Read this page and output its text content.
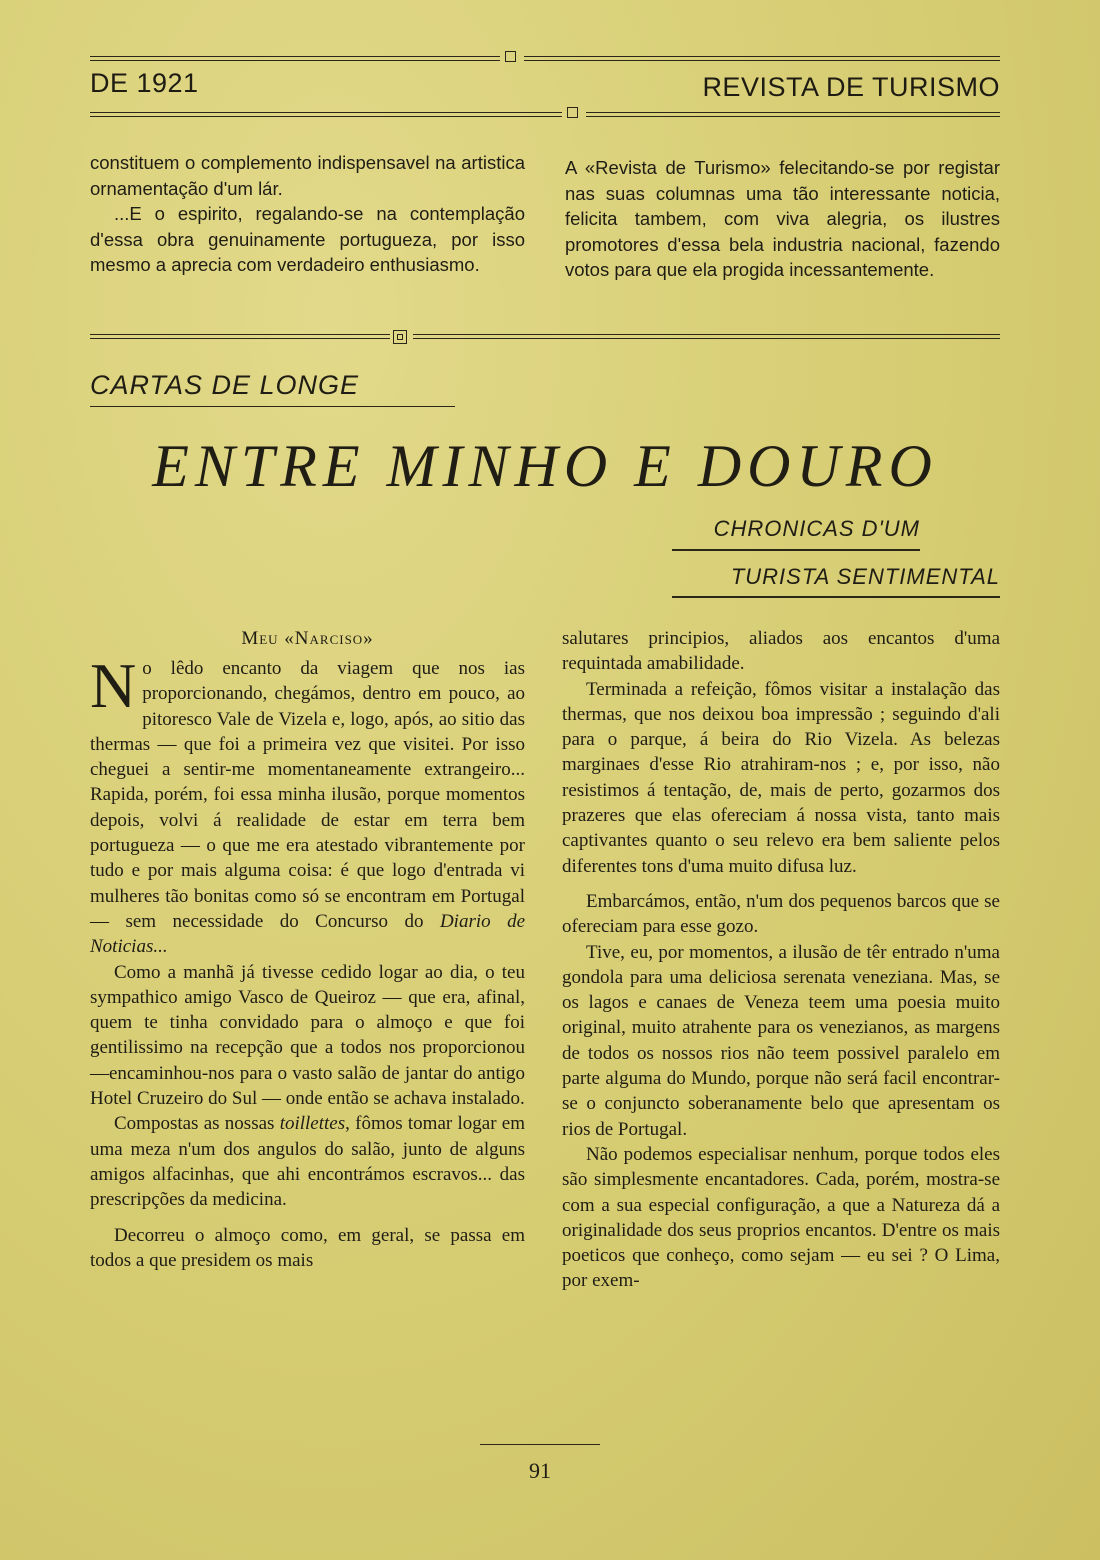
DE 1921	REVISTA DE TURISMO

constituem o complemento indispensavel na artistica ornamentação d'um lár.

...E o espirito, regalando-se na contemplação d'essa obra genuinamente portugueza, por isso mesmo a aprecia com verdadeiro enthusiasmo.

A «Revista de Turismo» felecitando-se por registar nas suas columnas uma tão interessante noticia, felicita tambem, com viva alegria, os ilustres promotores d'essa bela industria nacional, fazendo votos para que ela progida incessantemente.

CARTAS DE LONGE
ENTRE MINHO E DOURO
CHRONICAS D'UM
TURISTA SENTIMENTAL
Meu «Narciso»

No lêdo encanto da viagem que nos ias proporcionando, chegámos, dentro em pouco, ao pitoresco Vale de Vizela e, logo, após, ao sitio das thermas — que foi a primeira vez que visitei. Por isso cheguei a sentir-me momentaneamente extrangeiro... Rapida, porém, foi essa minha ilusão, porque momentos depois, volvi á realidade de estar em terra bem portugueza — o que me era atestado vibrantemente por tudo e por mais alguma coisa: é que logo d'entrada vi mulheres tão bonitas como só se encontram em Portugal — sem necessidade do Concurso do Diario de Noticias...

Como a manhã já tivesse cedido logar ao dia, o teu sympathico amigo Vasco de Queiroz — que era, afinal, quem te tinha convidado para o almoço e que foi gentilissimo na recepção que a todos nos proporcionou—encaminhou-nos para o vasto salão de jantar do antigo Hotel Cruzeiro do Sul — onde então se achava instalado.

Compostas as nossas toillettes, fômos tomar logar em uma meza n'um dos angulos do salão, junto de alguns amigos alfacinhas, que ahi encontrámos escravos... das prescripções da medicina.

Decorreu o almoço como, em geral, se passa em todos a que presidem os mais

salutares principios, aliados aos encantos d'uma requintada amabilidade.

Terminada a refeição, fômos visitar a instalação das thermas, que nos deixou boa impressão ; seguindo d'ali para o parque, á beira do Rio Vizela. As belezas marginaes d'esse Rio atrahiram-nos ; e, por isso, não resistimos á tentação, de, mais de perto, gozarmos dos prazeres que elas ofereciam á nossa vista, tanto mais captivantes quanto o seu relevo era bem saliente pelos diferentes tons d'uma muito difusa luz.

Embarcámos, então, n'um dos pequenos barcos que se ofereciam para esse gozo.

Tive, eu, por momentos, a ilusão de têr entrado n'uma gondola para uma deliciosa serenata veneziana. Mas, se os lagos e canaes de Veneza teem uma poesia muito original, muito atrahente para os venezianos, as margens de todos os nossos rios não teem possivel paralelo em parte alguma do Mundo, porque não será facil encontrar-se o conjuncto soberanamente belo que apresentam os rios de Portugal.

Não podemos especialisar nenhum, porque todos eles são simplesmente encantadores. Cada, porém, mostra-se com a sua especial configuração, a que a Natureza dá a originalidade dos seus proprios encantos. D'entre os mais poeticos que conheço, como sejam — eu sei ? O Lima, por exem-

91
